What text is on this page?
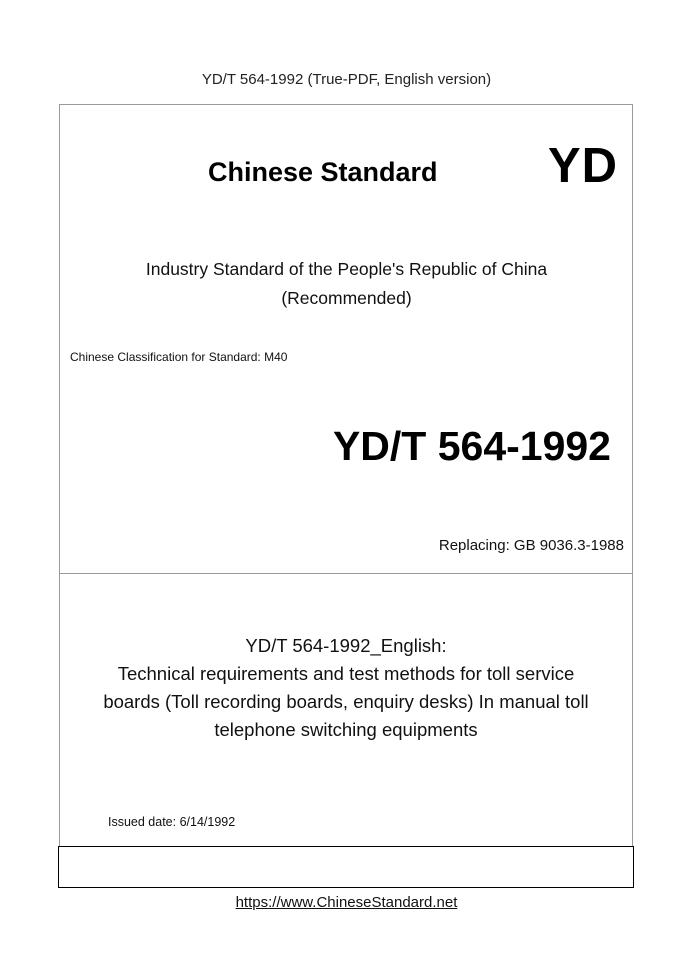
YD/T 564-1992 (True-PDF, English version)
Chinese Standard YD
Industry Standard of the People's Republic of China
(Recommended)
Chinese Classification for Standard: M40
YD/T 564-1992
Replacing: GB 9036.3-1988
YD/T 564-1992_English:
Technical requirements and test methods for toll service
boards (Toll recording boards, enquiry desks) In manual toll
telephone switching equipments
Issued date: 6/14/1992
https://www.ChineseStandard.net
